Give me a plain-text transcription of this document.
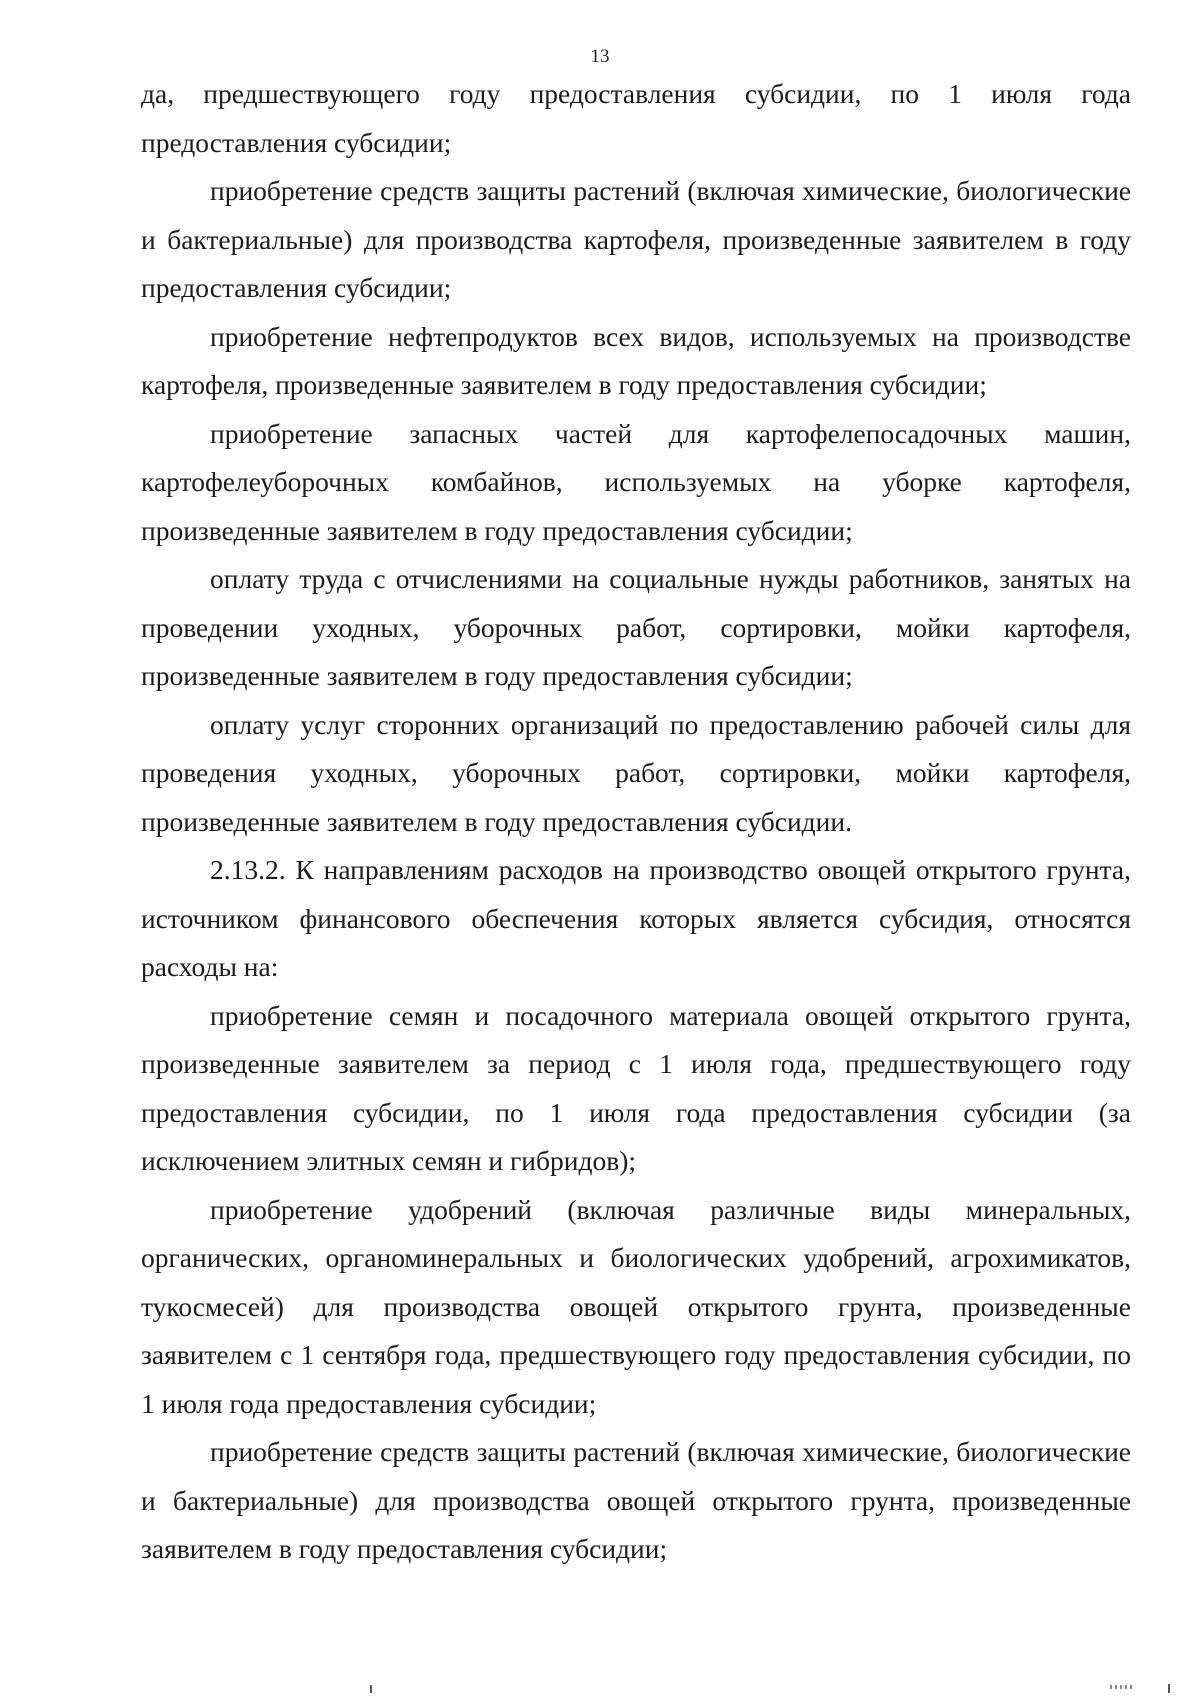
13

да, предшествующего году предоставления субсидии, по 1 июля года предоставления субсидии;

приобретение средств защиты растений (включая химические, биологические и бактериальные) для производства картофеля, произведенные заявителем в году предоставления субсидии;

приобретение нефтепродуктов всех видов, используемых на производстве картофеля, произведенные заявителем в году предоставления субсидии;

приобретение запасных частей для картофелепосадочных машин, картофелеуборочных комбайнов, используемых на уборке картофеля, произведенные заявителем в году предоставления субсидии;

оплату труда с отчислениями на социальные нужды работников, занятых на проведении уходных, уборочных работ, сортировки, мойки картофеля, произведенные заявителем в году предоставления субсидии;

оплату услуг сторонних организаций по предоставлению рабочей силы для проведения уходных, уборочных работ, сортировки, мойки картофеля, произведенные заявителем в году предоставления субсидии.

2.13.2. К направлениям расходов на производство овощей открытого грунта, источником финансового обеспечения которых является субсидия, относятся расходы на:

приобретение семян и посадочного материала овощей открытого грунта, произведенные заявителем за период с 1 июля года, предшествующего году предоставления субсидии, по 1 июля года предоставления субсидии (за исключением элитных семян и гибридов);

приобретение удобрений (включая различные виды минеральных, органических, органоминеральных и биологических удобрений, агрохимикатов, тукосмесей) для производства овощей открытого грунта, произведенные заявителем с 1 сентября года, предшествующего году предоставления субсидии, по 1 июля года предоставления субсидии;

приобретение средств защиты растений (включая химические, биологические и бактериальные) для производства овощей открытого грунта, произведенные заявителем в году предоставления субсидии;
